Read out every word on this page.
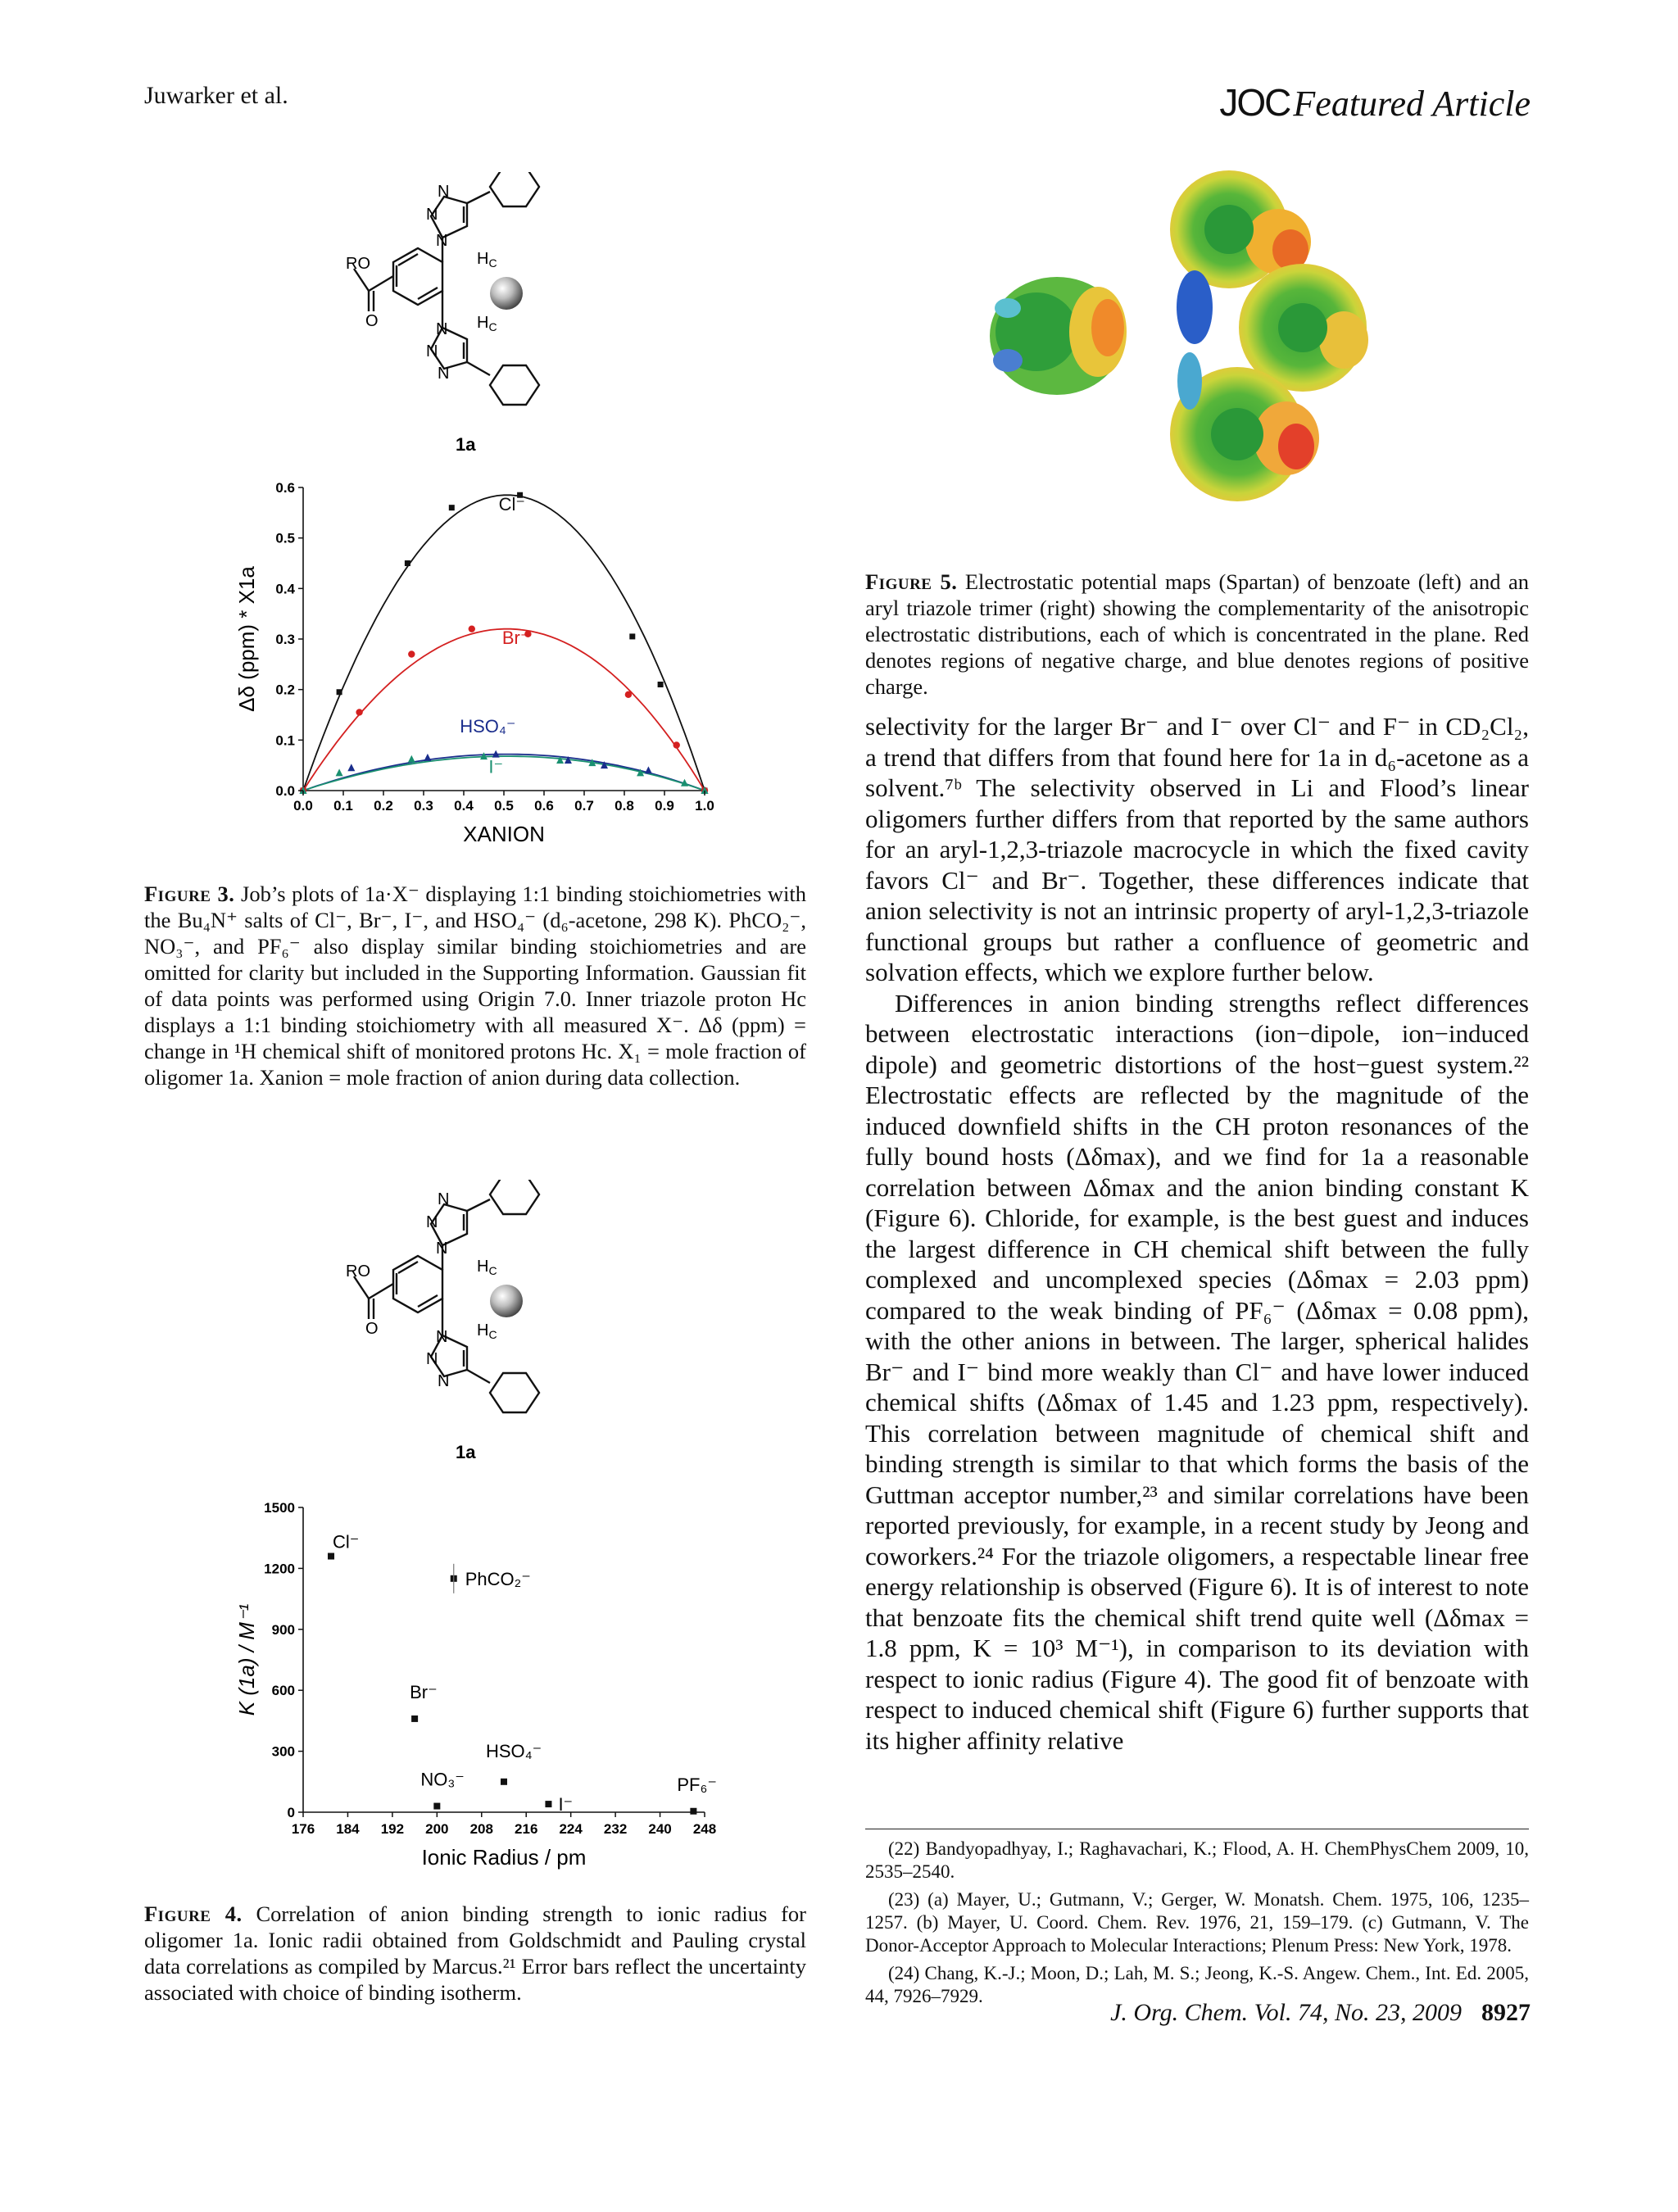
Juwarker et al.	JOCFeatured Article
RO
O
N
N
N
N
N
N
$H_C$
$H_C$
1a
Cl⁻
Br⁻
HSO₄⁻
I⁻
0.0 0.1 0.2 0.3 0.4 0.5 0.6 0.7 0.8 0.9 1.0
0.0
0.1
0.2
0.3
0.4
0.5
0.6
XANION
Δδ (ppm) * X1a
Figure 3. Job’s plots of 1a·X⁻ displaying 1:1 binding stoichiometries with the Bu₄N⁺ salts of Cl⁻, Br⁻, I⁻, and HSO₄⁻ (d₆-acetone, 298 K). PhCO₂⁻, NO₃⁻, and PF₆⁻ also display similar binding stoichiometries and are omitted for clarity but included in the Supporting Information. Gaussian fit of data points was performed using Origin 7.0. Inner triazole proton Hc displays a 1:1 binding stoichiometry with all measured X⁻. Δδ (ppm) = change in ¹H chemical shift of monitored protons Hc. X₁ = mole fraction of oligomer 1a. Xanion = mole fraction of anion during data collection.
RO
O
N
N
N
N
N
N
$H_C$
$H_C$
1a
Cl⁻
PhCO₂⁻
Br⁻
NO₃⁻
HSO₄⁻
I⁻
PF₆⁻
176 184 192 200 208 216 224 232 240 248
0
300
600
900
1200
1500
Ionic Radius / pm
K (1a) / M⁻¹
Figure 4. Correlation of anion binding strength to ionic radius for oligomer 1a. Ionic radii obtained from Goldschmidt and Pauling crystal data correlations as compiled by Marcus.²¹ Error bars reflect the uncertainty associated with choice of binding isotherm.
Figure 5. Electrostatic potential maps (Spartan) of benzoate (left) and an aryl triazole trimer (right) showing the complementarity of the anisotropic electrostatic distributions, each of which is concentrated in the plane. Red denotes regions of negative charge, and blue denotes regions of positive charge.

selectivity for the larger Br⁻ and I⁻ over Cl⁻ and F⁻ in CD₂Cl₂, a trend that differs from that found here for 1a in d₆-acetone as a solvent.⁷ᵇ The selectivity observed in Li and Flood’s linear oligomers further differs from that reported by the same authors for an aryl-1,2,3-triazole macrocycle in which the fixed cavity favors Cl⁻ and Br⁻. Together, these differences indicate that anion selectivity is not an intrinsic property of aryl-1,2,3-triazole functional groups but rather a confluence of geometric and solvation effects, which we explore further below.

Differences in anion binding strengths reflect differences between electrostatic interactions (ion−dipole, ion−induced dipole) and geometric distortions of the host−guest system.²² Electrostatic effects are reflected by the magnitude of the induced downfield shifts in the CH proton resonances of the fully bound hosts (Δδmax), and we find for 1a a reasonable correlation between Δδmax and the anion binding constant K (Figure 6). Chloride, for example, is the best guest and induces the largest difference in CH chemical shift between the fully complexed and uncomplexed species (Δδmax = 2.03 ppm) compared to the weak binding of PF₆⁻ (Δδmax = 0.08 ppm), with the other anions in between. The larger, spherical halides Br⁻ and I⁻ bind more weakly than Cl⁻ and have lower induced chemical shifts (Δδmax of 1.45 and 1.23 ppm, respectively). This correlation between magnitude of chemical shift and binding strength is similar to that which forms the basis of the Guttman acceptor number,²³ and similar correlations have been reported previously, for example, in a recent study by Jeong and coworkers.²⁴ For the triazole oligomers, a respectable linear free energy relationship is observed (Figure 6). It is of interest to note that benzoate fits the chemical shift trend quite well (Δδmax = 1.8 ppm, K = 10³ M⁻¹), in comparison to its deviation with respect to ionic radius (Figure 4). The good fit of benzoate with respect to induced chemical shift (Figure 6) further supports that its higher affinity relative

(22) Bandyopadhyay, I.; Raghavachari, K.; Flood, A. H. ChemPhysChem 2009, 10, 2535–2540.

(23) (a) Mayer, U.; Gutmann, V.; Gerger, W. Monatsh. Chem. 1975, 106, 1235–1257. (b) Mayer, U. Coord. Chem. Rev. 1976, 21, 159–179. (c) Gutmann, V. The Donor-Acceptor Approach to Molecular Interactions; Plenum Press: New York, 1978.

(24) Chang, K.-J.; Moon, D.; Lah, M. S.; Jeong, K.-S. Angew. Chem., Int. Ed. 2005, 44, 7926–7929.

J. Org. Chem. Vol. 74, No. 23, 2009 8927
